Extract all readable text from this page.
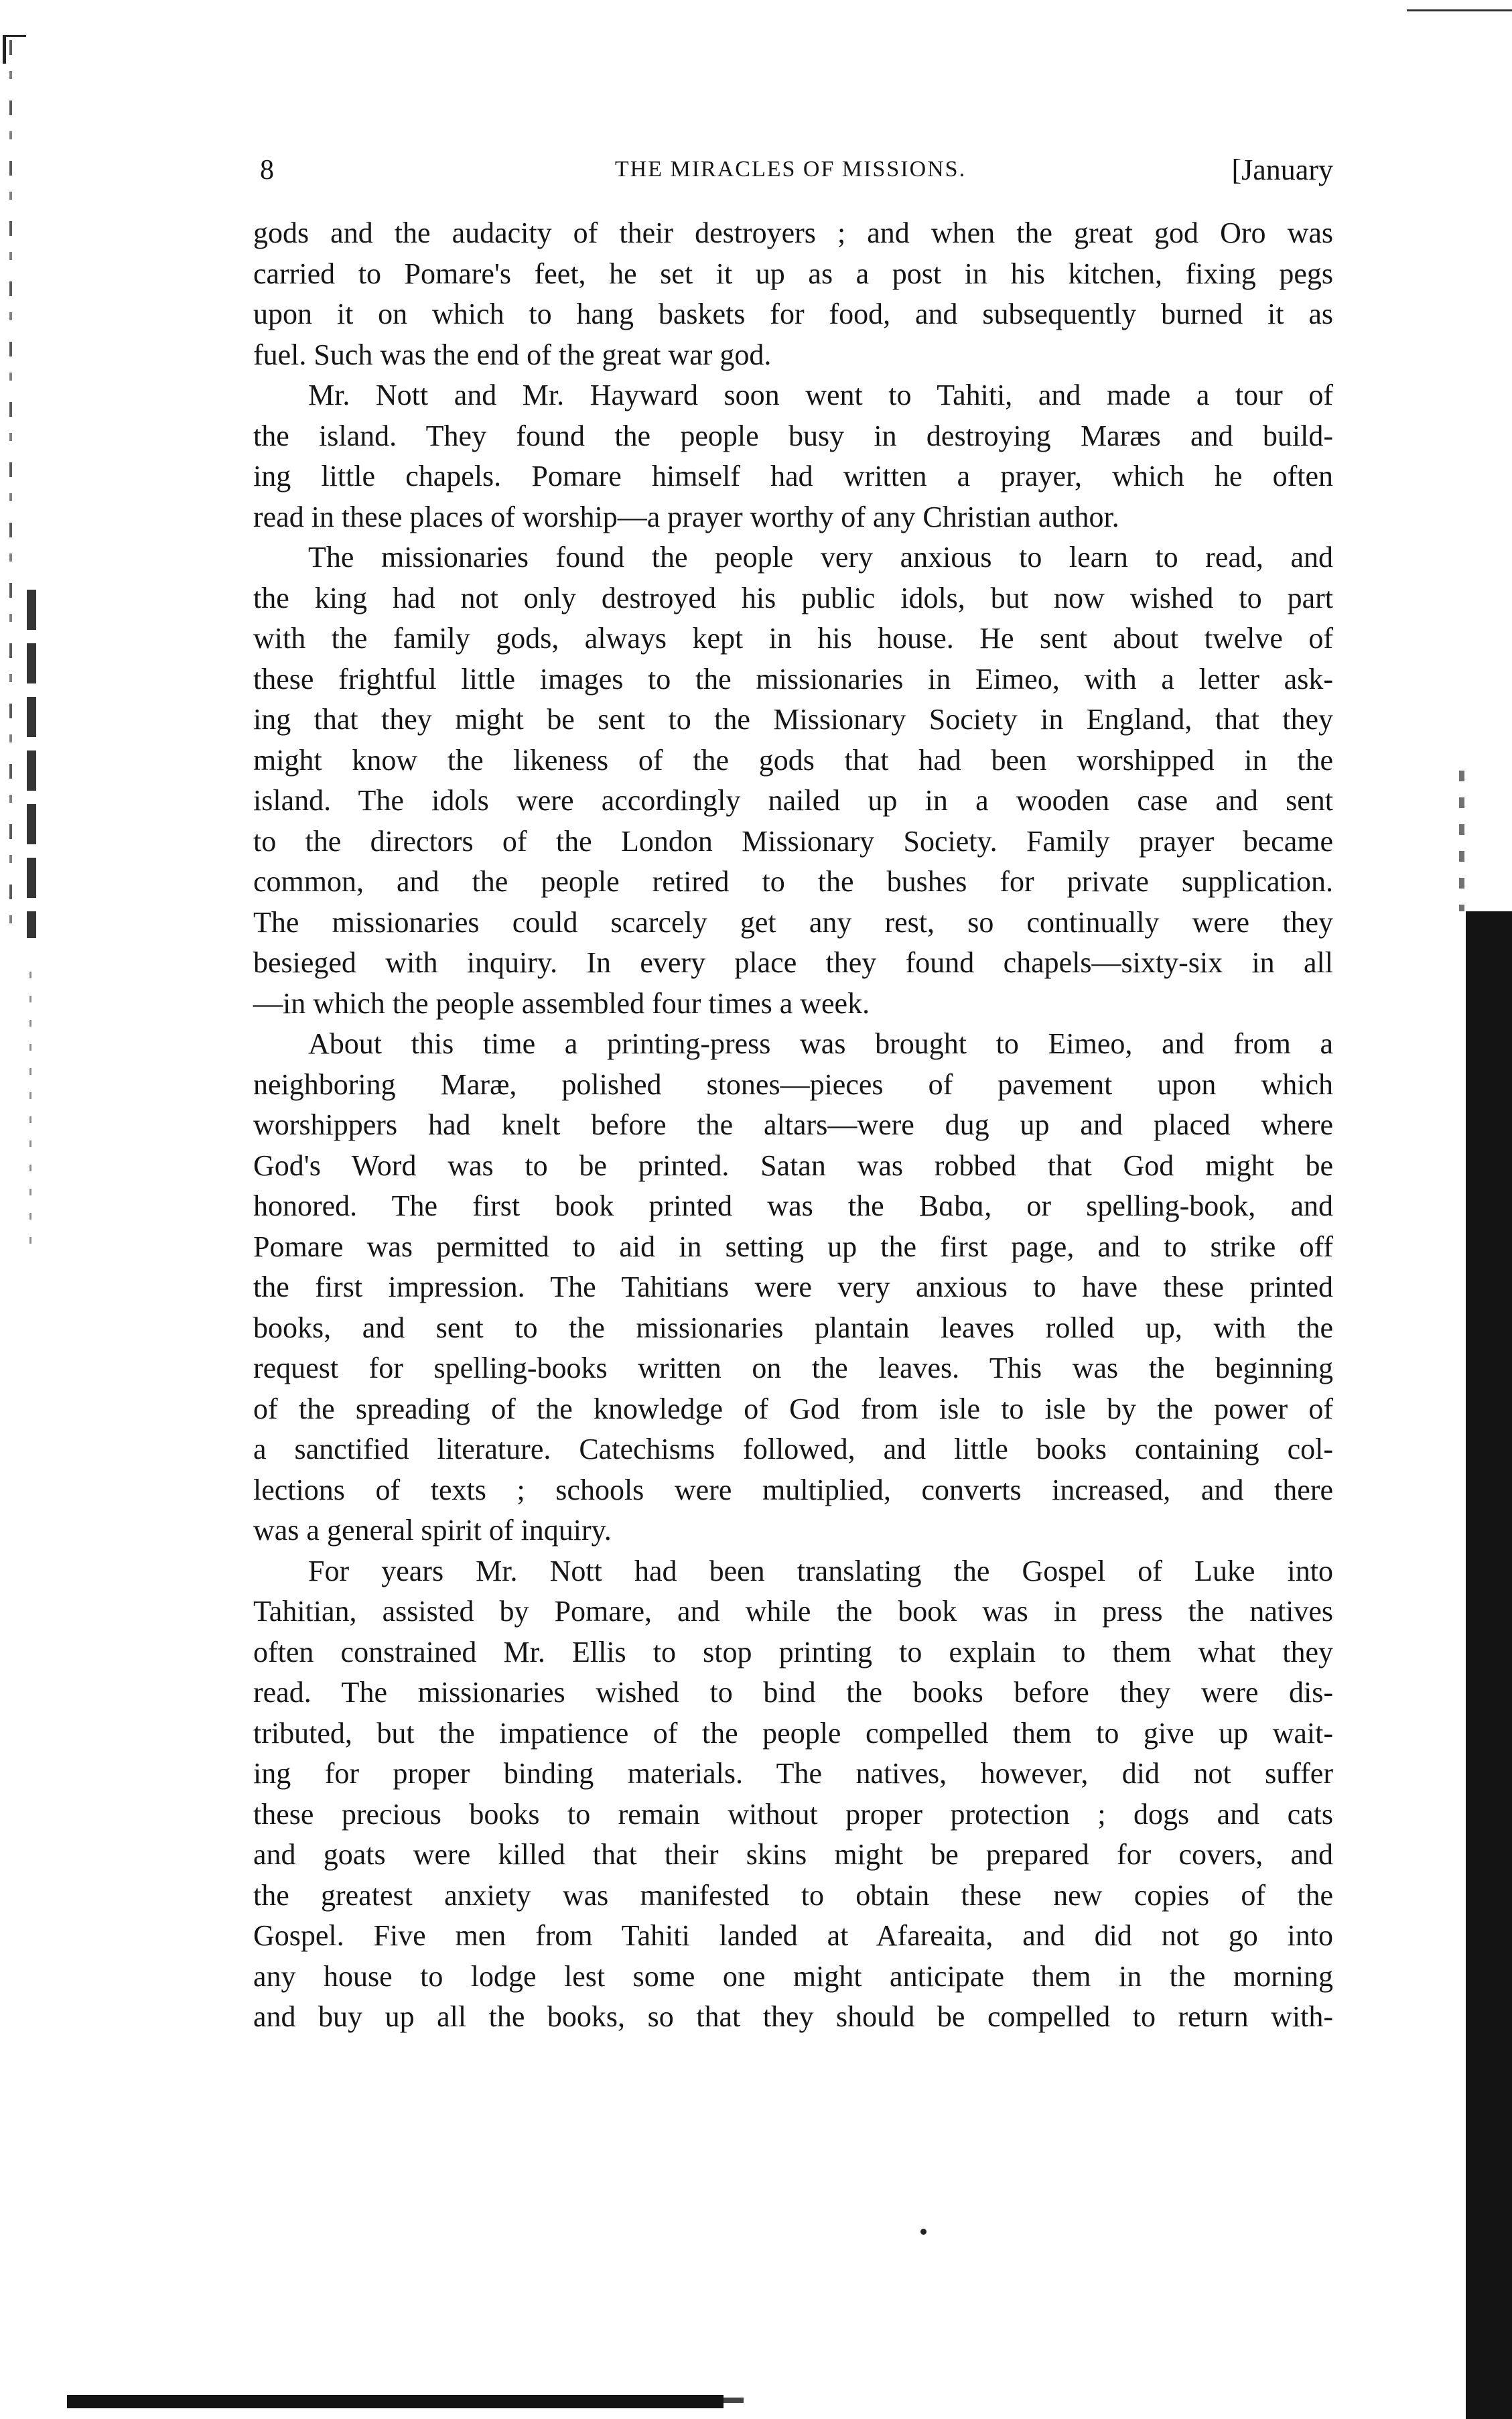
8	THE MIRACLES OF MISSIONS.	[January
gods and the audacity of their destroyers ; and when the great god Oro was
carried to Pomare's feet, he set it up as a post in his kitchen, fixing pegs
upon it on which to hang baskets for food, and subsequently burned it as
fuel. Such was the end of the great war god.
Mr. Nott and Mr. Hayward soon went to Tahiti, and made a tour of
the island. They found the people busy in destroying Maræs and build-
ing little chapels. Pomare himself had written a prayer, which he often
read in these places of worship—a prayer worthy of any Christian author.
The missionaries found the people very anxious to learn to read, and
the king had not only destroyed his public idols, but now wished to part
with the family gods, always kept in his house. He sent about twelve of
these frightful little images to the missionaries in Eimeo, with a letter ask-
ing that they might be sent to the Missionary Society in England, that they
might know the likeness of the gods that had been worshipped in the
island. The idols were accordingly nailed up in a wooden case and sent
to the directors of the London Missionary Society. Family prayer became
common, and the people retired to the bushes for private supplication.
The missionaries could scarcely get any rest, so continually were they
besieged with inquiry. In every place they found chapels—sixty-six in all
—in which the people assembled four times a week.
About this time a printing-press was brought to Eimeo, and from a
neighboring Maræ, polished stones—pieces of pavement upon which
worshippers had knelt before the altars—were dug up and placed where
God's Word was to be printed. Satan was robbed that God might be
honored. The first book printed was the Bɑbɑ, or spelling-book, and
Pomare was permitted to aid in setting up the first page, and to strike off
the first impression. The Tahitians were very anxious to have these printed
books, and sent to the missionaries plantain leaves rolled up, with the
request for spelling-books written on the leaves. This was the beginning
of the spreading of the knowledge of God from isle to isle by the power of
a sanctified literature. Catechisms followed, and little books containing col-
lections of texts ; schools were multiplied, converts increased, and there
was a general spirit of inquiry.
For years Mr. Nott had been translating the Gospel of Luke into
Tahitian, assisted by Pomare, and while the book was in press the natives
often constrained Mr. Ellis to stop printing to explain to them what they
read. The missionaries wished to bind the books before they were dis-
tributed, but the impatience of the people compelled them to give up wait-
ing for proper binding materials. The natives, however, did not suffer
these precious books to remain without proper protection ; dogs and cats
and goats were killed that their skins might be prepared for covers, and
the greatest anxiety was manifested to obtain these new copies of the
Gospel. Five men from Tahiti landed at Afareaita, and did not go into
any house to lodge lest some one might anticipate them in the morning
and buy up all the books, so that they should be compelled to return with-
